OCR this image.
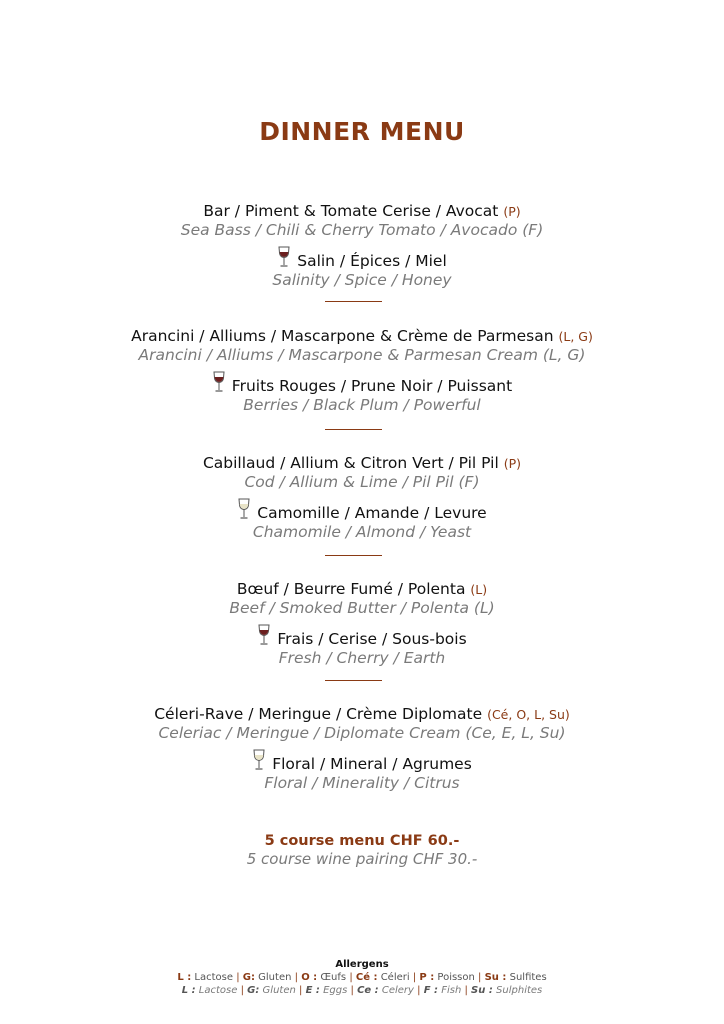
DINNER MENU
Bar / Piment & Tomate Cerise / Avocat (P)
Sea Bass / Chili & Cherry Tomato / Avocado (F)
Salin / Épices / Miel
Salinity / Spice / Honey
Arancini / Alliums / Mascarpone & Crème de Parmesan (L, G)
Arancini / Alliums / Mascarpone & Parmesan Cream (L, G)
Fruits Rouges / Prune Noir / Puissant
Berries / Black Plum / Powerful
Cabillaud / Allium & Citron Vert / Pil Pil (P)
Cod / Allium & Lime / Pil Pil (F)
Camomille / Amande / Levure
Chamomile / Almond / Yeast
Bœuf / Beurre Fumé / Polenta (L)
Beef / Smoked Butter / Polenta (L)
Frais / Cerise / Sous-bois
Fresh / Cherry / Earth
Céleri-Rave / Meringue / Crème Diplomate (Cé, O, L, Su)
Celeriac / Meringue / Diplomate Cream (Ce, E, L, Su)
Floral / Mineral / Agrumes
Floral / Minerality / Citrus
5 course menu CHF 60.-
5 course wine pairing CHF 30.-
Allergens
L : Lactose | G: Gluten | O : Œufs | Cé : Céleri | P : Poisson | Su : Sulfites
L : Lactose | G: Gluten | E : Eggs | Ce : Celery | F : Fish | Su : Sulphites
